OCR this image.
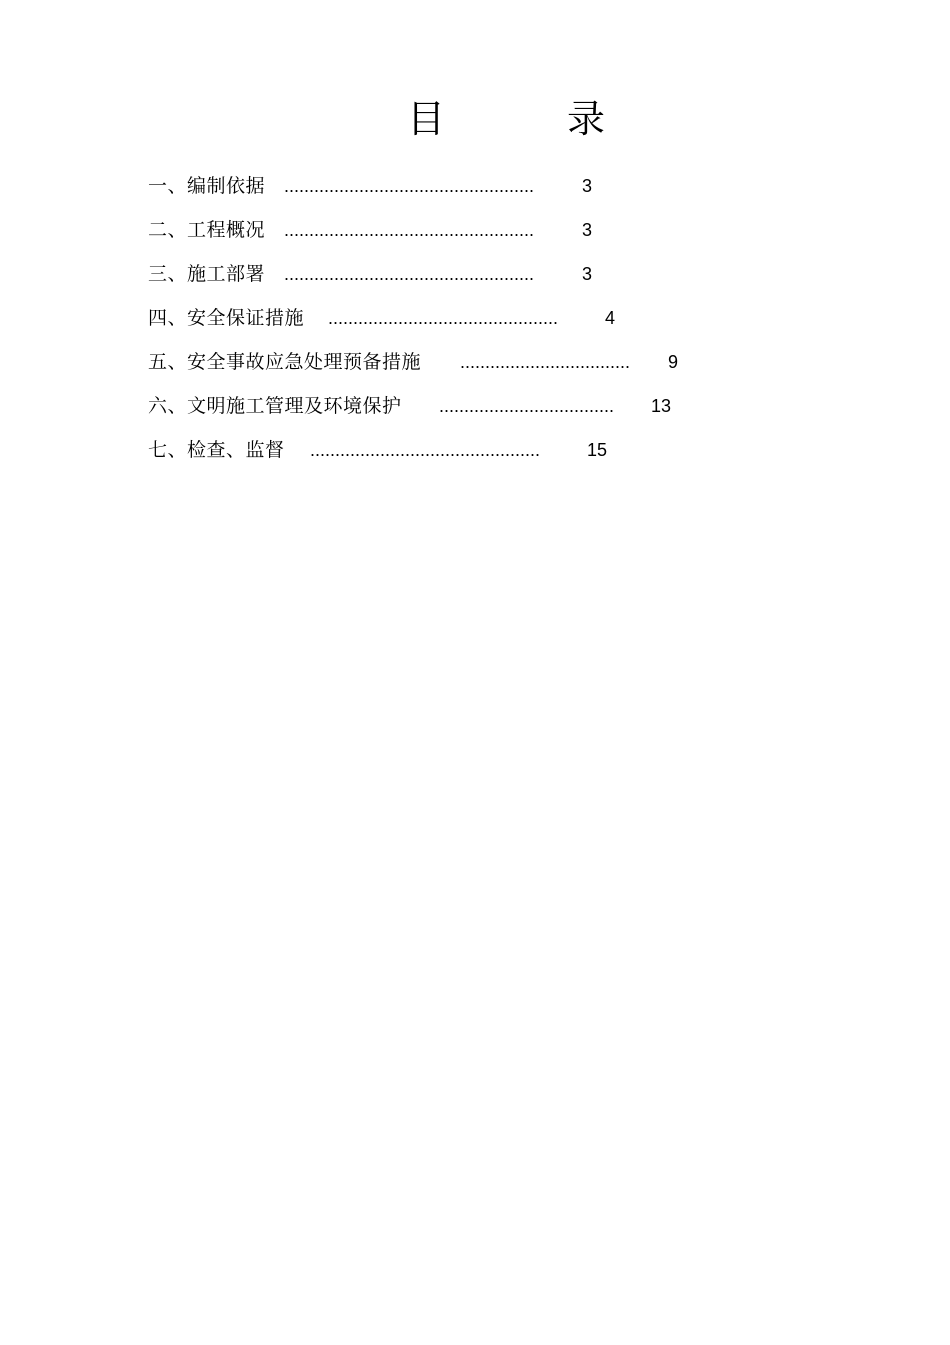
目　录
一、编制依据 ..................................................	3
二、工程概况 ..................................................	3
三、施工部署 ..................................................	3
四、安全保证措施 ..............................................	4
五、安全事故应急处理预备措施 ..................................	9
六、文明施工管理及环境保护 ...................................	13
七、检查、监督 ..............................................	15
